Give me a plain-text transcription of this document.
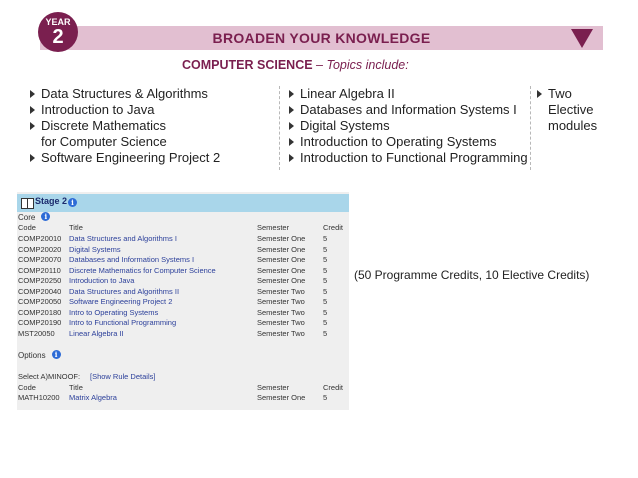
BROADEN YOUR KNOWLEDGE
YEAR
2
COMPUTER SCIENCE – Topics include:
Data Structures & Algorithms
Introduction to Java
Discrete Mathematics
for Computer Science
Software Engineering Project 2
Linear Algebra II
Databases and Information Systems I
Digital Systems
Introduction to Operating Systems
Introduction to Functional Programming
Two
Elective
modules
Stage 2 i
Core i
Code	Title	Semester	Credit
COMP20010 Data Structures and Algorithms I	Semester One 5
COMP20020 Digital Systems	Semester One 5
COMP20070 Databases and Information Systems I	Semester One 5
COMP20110 Discrete Mathematics for Computer Science	Semester One 5
COMP20250 Introduction to Java	Semester One 5
COMP20040 Data Structures and Algorithms II	Semester Two 5
COMP20050 Software Engineering Project 2	Semester Two 5
COMP20180 Intro to Operating Systems	Semester Two 5
COMP20190 Intro to Functional Programming	Semester Two 5
MST20050 Linear Algebra II	Semester Two 5
Options i
Select A)MINOOF: [Show Rule Details]
Code	Title	Semester	Credit
MATH10200 Matrix Algebra	Semester One 5
(50 Programme Credits, 10 Elective Credits)
